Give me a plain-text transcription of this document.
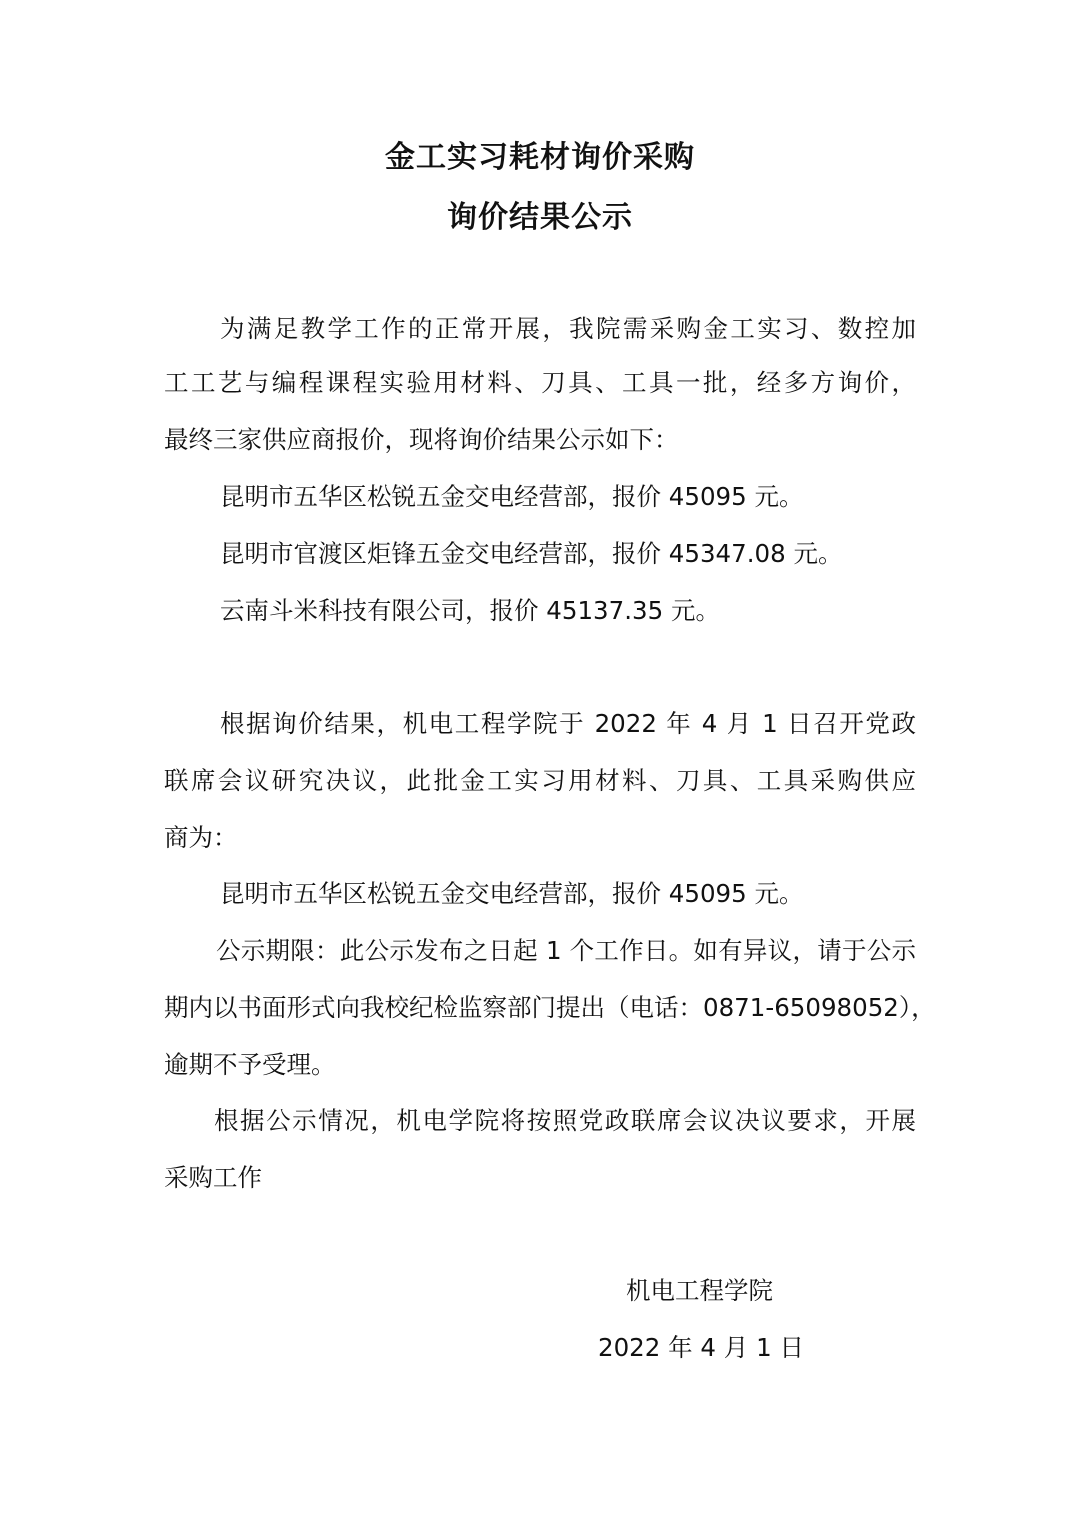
金工实习耗材询价采购
询价结果公示
为满足教学工作的正常开展，我院需采购金工实习、数控加
工工艺与编程课程实验用材料、刀具、工具一批，经多方询价，
最终三家供应商报价，现将询价结果公示如下：
昆明市五华区松锐五金交电经营部，报价 45095 元。
昆明市官渡区炬锋五金交电经营部，报价 45347.08 元。
云南斗米科技有限公司，报价 45137.35 元。
根据询价结果，机电工程学院于 2022 年 4 月 1 日召开党政
联席会议研究决议，此批金工实习用材料、刀具、工具采购供应
商为：
昆明市五华区松锐五金交电经营部，报价 45095 元。
公示期限：此公示发布之日起 1 个工作日。如有异议，请于公示
期内以书面形式向我校纪检监察部门提出（电话：0871-65098052），
逾期不予受理。
根据公示情况，机电学院将按照党政联席会议决议要求，开展
采购工作
机电工程学院
2022 年 4 月 1 日
